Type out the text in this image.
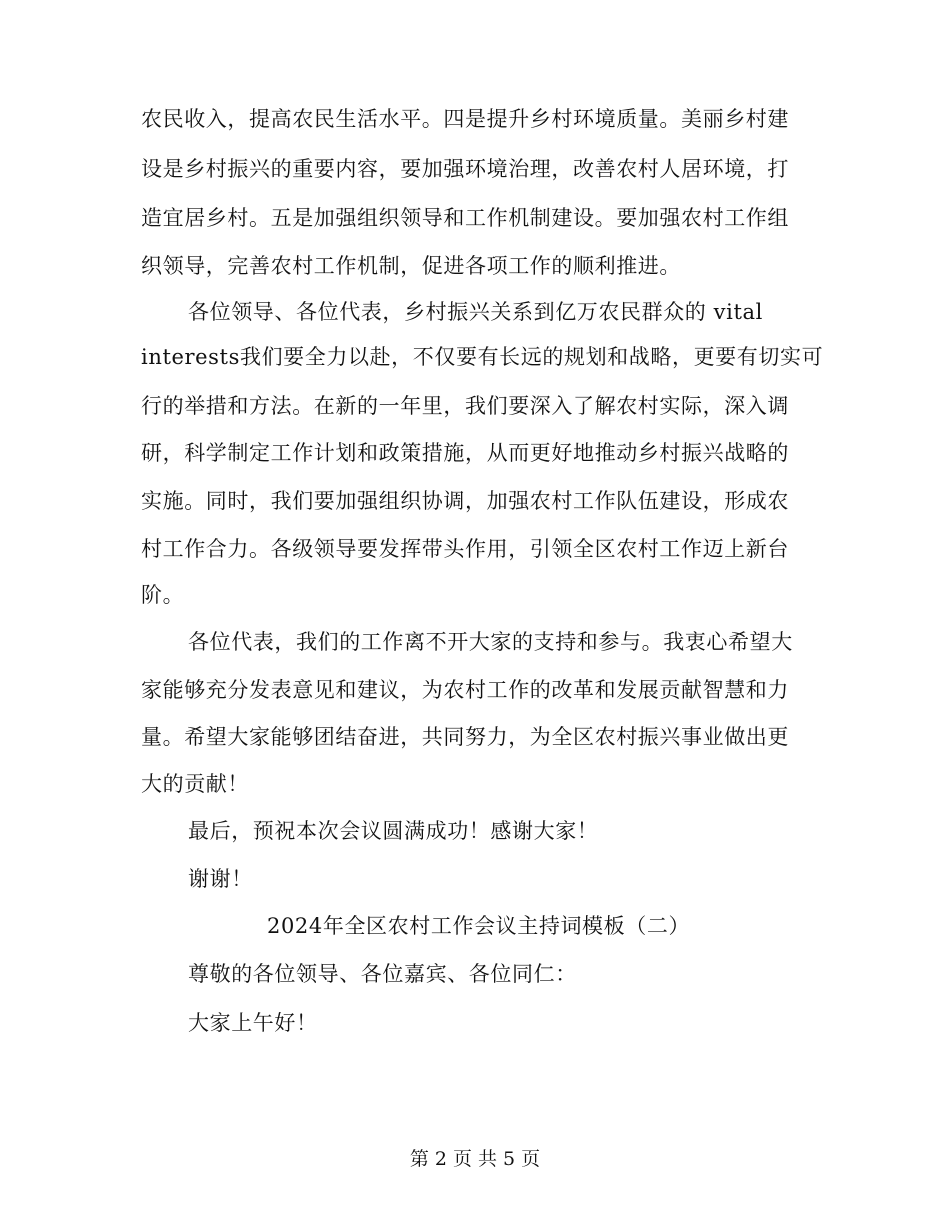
农民收入，提高农民生活水平。四是提升乡村环境质量。美丽乡村建
设是乡村振兴的重要内容，要加强环境治理，改善农村人居环境，打
造宜居乡村。五是加强组织领导和工作机制建设。要加强农村工作组
织领导，完善农村工作机制，促进各项工作的顺利推进。
各位领导、各位代表，乡村振兴关系到亿万农民群众的 vital
interests我们要全力以赴，不仅要有长远的规划和战略，更要有切实可
行的举措和方法。在新的一年里，我们要深入了解农村实际，深入调
研，科学制定工作计划和政策措施，从而更好地推动乡村振兴战略的
实施。同时，我们要加强组织协调，加强农村工作队伍建设，形成农
村工作合力。各级领导要发挥带头作用，引领全区农村工作迈上新台
阶。
各位代表，我们的工作离不开大家的支持和参与。我衷心希望大
家能够充分发表意见和建议，为农村工作的改革和发展贡献智慧和力
量。希望大家能够团结奋进，共同努力，为全区农村振兴事业做出更
大的贡献！
最后，预祝本次会议圆满成功！感谢大家！
谢谢！
2024年全区农村工作会议主持词模板（二）
尊敬的各位领导、各位嘉宾、各位同仁：
大家上午好！
第 2 页 共 5 页
